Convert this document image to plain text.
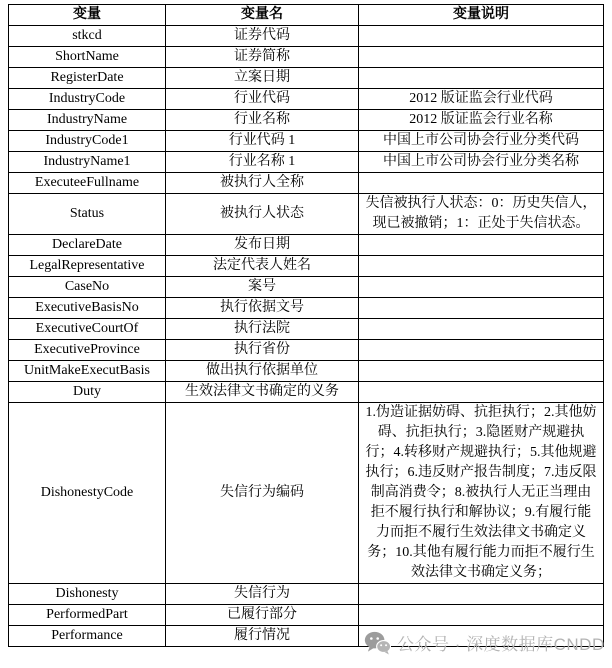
变量	变量名	变量说明
stkcd	证券代码	
ShortName	证券简称	
RegisterDate	立案日期	
IndustryCode	行业代码	2012 版证监会行业代码
IndustryName	行业名称	2012 版证监会行业名称
IndustryCode1	行业代码 1	中国上市公司协会行业分类代码
IndustryName1	行业名称 1	中国上市公司协会行业分类名称
ExecuteeFullname	被执行人全称	
Status	被执行人状态	失信被执行人状态：0：历史失信人，现已被撤销；1：正处于失信状态。
DeclareDate	发布日期	
LegalRepresentative	法定代表人姓名	
CaseNo	案号	
ExecutiveBasisNo	执行依据文号	
ExecutiveCourtOf	执行法院	
ExecutiveProvince	执行省份	
UnitMakeExecutBasis	做出执行依据单位	
Duty	生效法律文书确定的义务	
DishonestyCode	失信行为编码	1.伪造证据妨碍、抗拒执行；2.其他妨碍、抗拒执行；3.隐匿财产规避执行；4.转移财产规避执行；5.其他规避执行；6.违反财产报告制度；7.违反限制高消费令；8.被执行人无正当理由拒不履行执行和解协议；9.有履行能力而拒不履行生效法律文书确定义务；10.其他有履行能力而拒不履行生效法律文书确定义务；
Dishonesty	失信行为	
PerformedPart	已履行部分	
Performance	履行情况		公众号 · 深度数据库CNDD
